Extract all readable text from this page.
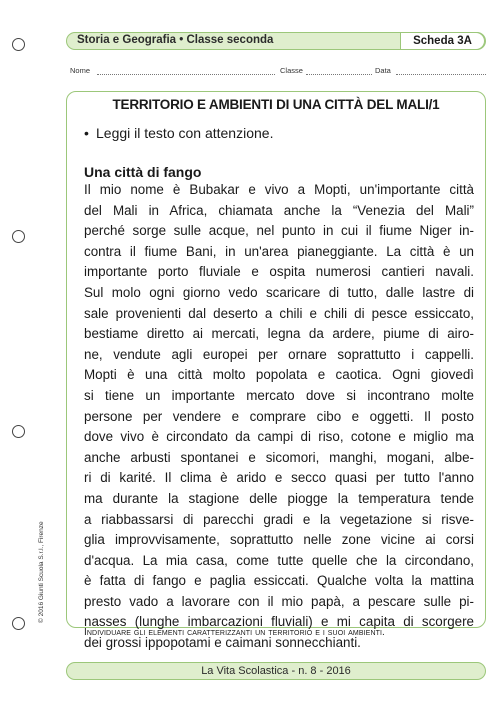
Storia e Geografia • Classe seconda	Scheda 3A
Nome	Classe	Data
TERRITORIO E AMBIENTI DI UNA CITTÀ DEL MALI/1
• Leggi il testo con attenzione.
Una città di fango
Il mio nome è Bubakar e vivo a Mopti, un'importante città
del Mali in Africa, chiamata anche la “Venezia del Mali”
perché sorge sulle acque, nel punto in cui il fiume Niger in-
contra il fiume Bani, in un'area pianeggiante. La città è un
importante porto fluviale e ospita numerosi cantieri navali.
Sul molo ogni giorno vedo scaricare di tutto, dalle lastre di
sale provenienti dal deserto a chili e chili di pesce essiccato,
bestiame diretto ai mercati, legna da ardere, piume di airo-
ne, vendute agli europei per ornare soprattutto i cappelli.
Mopti è una città molto popolata e caotica. Ogni giovedì
si tiene un importante mercato dove si incontrano molte
persone per vendere e comprare cibo e oggetti. Il posto
dove vivo è circondato da campi di riso, cotone e miglio ma
anche arbusti spontanei e sicomori, manghi, mogani, albe-
ri di karité. Il clima è arido e secco quasi per tutto l'anno
ma durante la stagione delle piogge la temperatura tende
a riabbassarsi di parecchi gradi e la vegetazione si risve-
glia improvvisamente, soprattutto nelle zone vicine ai corsi
d'acqua. La mia casa, come tutte quelle che la circondano,
è fatta di fango e paglia essiccati. Qualche volta la mattina
presto vado a lavorare con il mio papà, a pescare sulle pi-
nasses (lunghe imbarcazioni fluviali) e mi capita di scorgere
dei grossi ippopotami e caimani sonnecchianti.
Individuare gli elementi caratterizzanti un territorio e i suoi ambienti.
© 2016 Giunti Scuola S.r.l., Firenze
La Vita Scolastica - n. 8 - 2016
